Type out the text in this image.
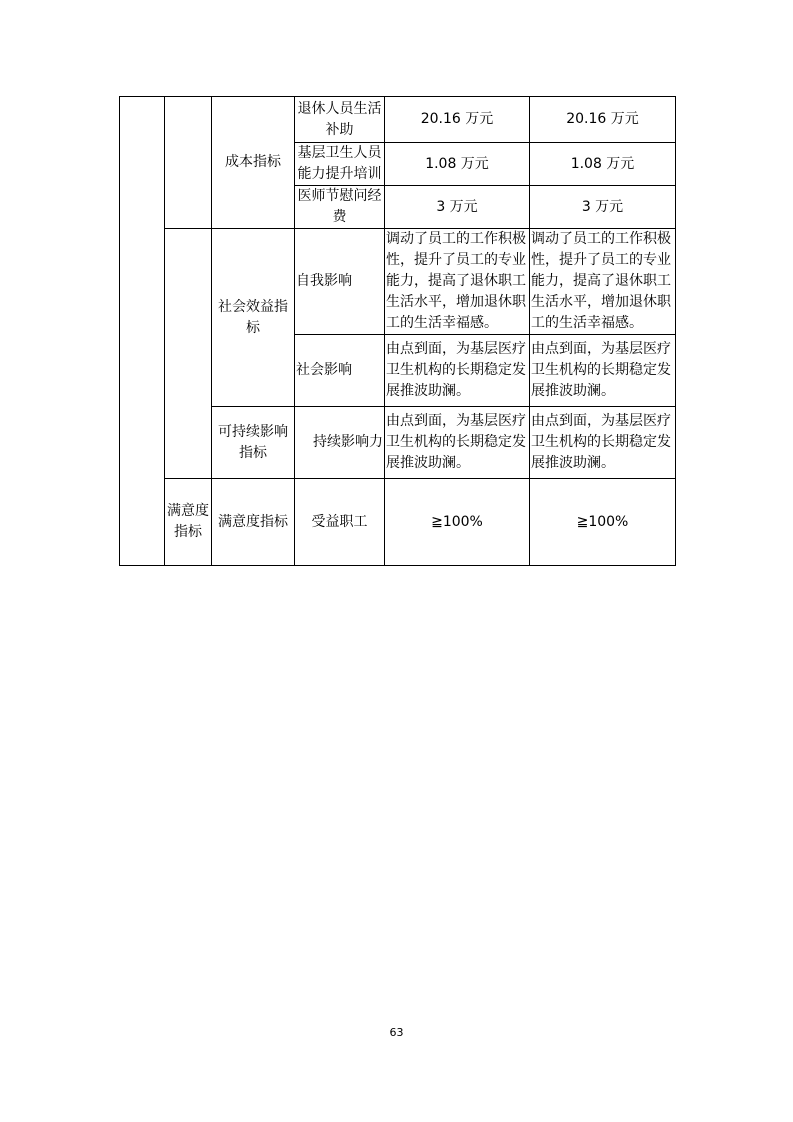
		成本指标	退休人员生活补助	20.16 万元	20.16 万元
			基层卫生人员能力提升培训	1.08 万元	1.08 万元
			医师节慰问经费	3 万元	3 万元
		社会效益指标	自我影响	调动了员工的工作积极性，提升了员工的专业能力，提高了退休职工生活水平，增加退休职工的生活幸福感。	调动了员工的工作积极性，提升了员工的专业能力，提高了退休职工生活水平，增加退休职工的生活幸福感。
			社会影响	由点到面，为基层医疗卫生机构的长期稳定发展推波助澜。	由点到面，为基层医疗卫生机构的长期稳定发展推波助澜。
		可持续影响指标	持续影响力	由点到面，为基层医疗卫生机构的长期稳定发展推波助澜。	由点到面，为基层医疗卫生机构的长期稳定发展推波助澜。
	满意度指标	满意度指标	受益职工	≧100%	≧100%
63
